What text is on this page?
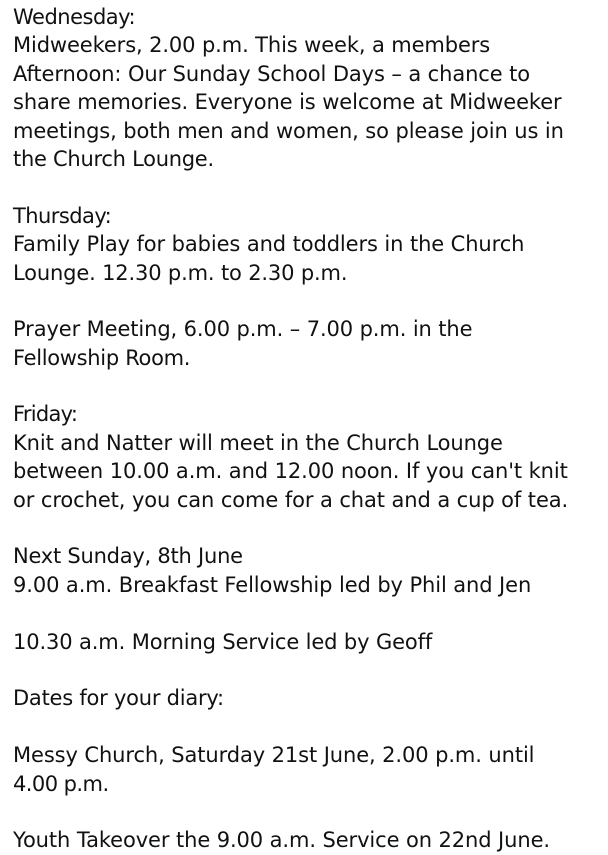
Wednesday:
Midweekers, 2.00 p.m. This week, a members
Afternoon: Our Sunday School Days – a chance to
share memories. Everyone is welcome at Midweeker
meetings, both men and women, so please join us in
the Church Lounge.
Thursday:
Family Play for babies and toddlers in the Church
Lounge. 12.30 p.m. to 2.30 p.m.
Prayer Meeting, 6.00 p.m. – 7.00 p.m. in the
Fellowship Room.
Friday:
Knit and Natter will meet in the Church Lounge
between 10.00 a.m. and 12.00 noon. If you can't knit
or crochet, you can come for a chat and a cup of tea.
Next Sunday, 8th June
9.00 a.m. Breakfast Fellowship led by Phil and Jen
10.30 a.m. Morning Service led by Geoff
Dates for your diary:
Messy Church, Saturday 21st June, 2.00 p.m. until
4.00 p.m.
Youth Takeover the 9.00 a.m. Service on 22nd June.
